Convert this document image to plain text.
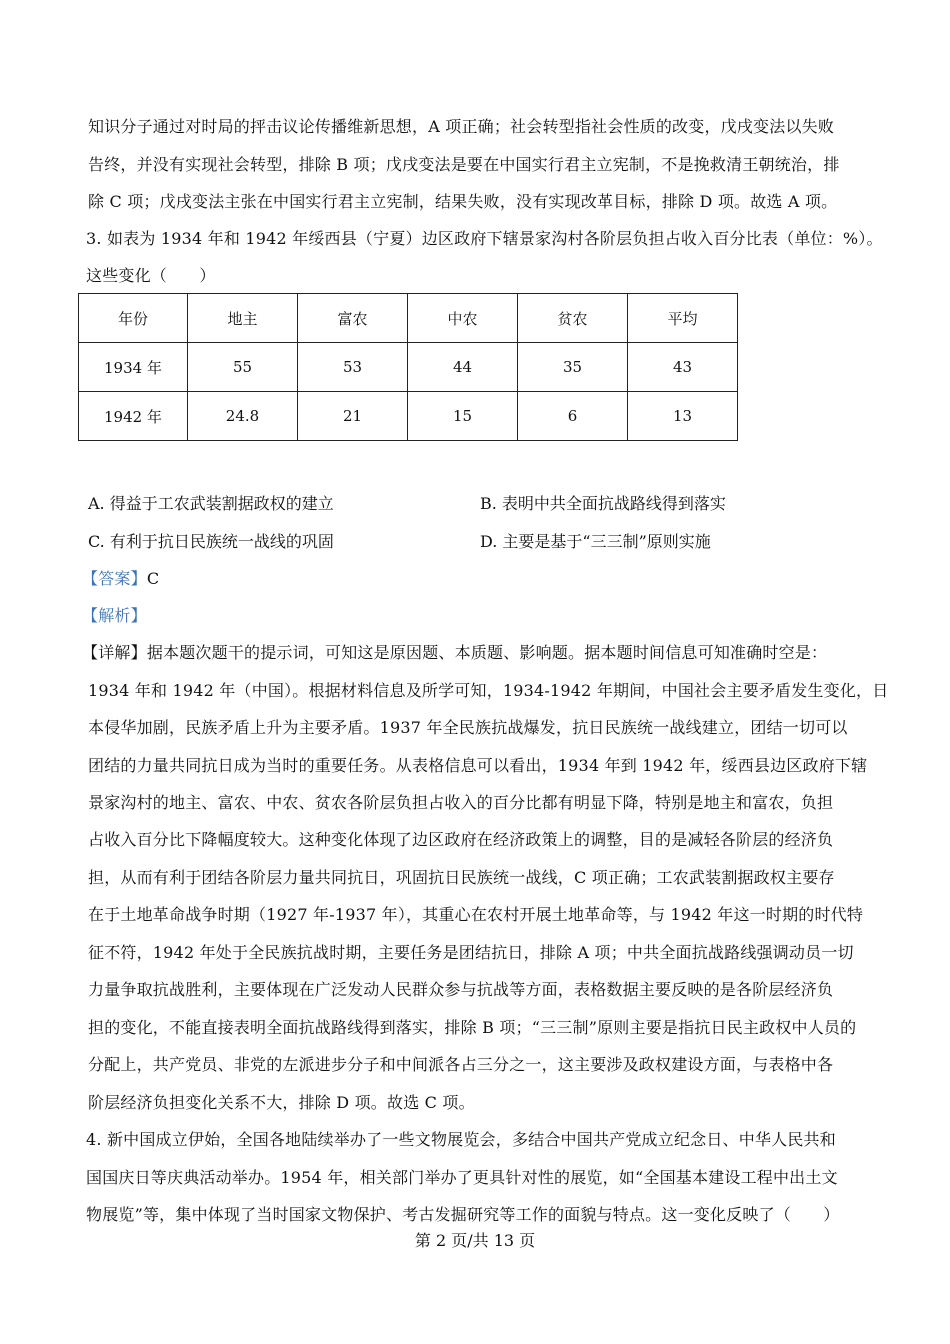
知识分子通过对时局的抨击议论传播维新思想，A 项正确；社会转型指社会性质的改变，戊戌变法以失败
告终，并没有实现社会转型，排除 B 项；戊戌变法是要在中国实行君主立宪制，不是挽救清王朝统治，排
除 C 项；戊戌变法主张在中国实行君主立宪制，结果失败，没有实现改革目标，排除 D 项。故选 A 项。
3. 如表为 1934 年和 1942 年绥西县（宁夏）边区政府下辖景家沟村各阶层负担占收入百分比表（单位：%）。
这些变化（　　）
年份	地主	富农	中农	贫农	平均
1934 年	55	53	44	35	43
1942 年	24.8	21	15	6	13
A. 得益于工农武装割据政权的建立	B. 表明中共全面抗战路线得到落实
C. 有利于抗日民族统一战线的巩固	D. 主要是基于“三三制”原则实施
【答案】C
【解析】
【详解】据本题次题干的提示词，可知这是原因题、本质题、影响题。据本题时间信息可知准确时空是：
1934 年和 1942 年（中国）。根据材料信息及所学可知，1934-1942 年期间，中国社会主要矛盾发生变化，日
本侵华加剧，民族矛盾上升为主要矛盾。1937 年全民族抗战爆发，抗日民族统一战线建立，团结一切可以
团结的力量共同抗日成为当时的重要任务。从表格信息可以看出，1934 年到 1942 年，绥西县边区政府下辖
景家沟村的地主、富农、中农、贫农各阶层负担占收入的百分比都有明显下降，特别是地主和富农，负担
占收入百分比下降幅度较大。这种变化体现了边区政府在经济政策上的调整，目的是减轻各阶层的经济负
担，从而有利于团结各阶层力量共同抗日，巩固抗日民族统一战线，C 项正确；工农武装割据政权主要存
在于土地革命战争时期（1927 年-1937 年），其重心在农村开展土地革命等，与 1942 年这一时期的时代特
征不符，1942 年处于全民族抗战时期，主要任务是团结抗日，排除 A 项；中共全面抗战路线强调动员一切
力量争取抗战胜利，主要体现在广泛发动人民群众参与抗战等方面，表格数据主要反映的是各阶层经济负
担的变化，不能直接表明全面抗战路线得到落实，排除 B 项；“三三制”原则主要是指抗日民主政权中人员的
分配上，共产党员、非党的左派进步分子和中间派各占三分之一，这主要涉及政权建设方面，与表格中各
阶层经济负担变化关系不大，排除 D 项。故选 C 项。
4. 新中国成立伊始，全国各地陆续举办了一些文物展览会，多结合中国共产党成立纪念日、中华人民共和
国国庆日等庆典活动举办。1954 年，相关部门举办了更具针对性的展览，如“全国基本建设工程中出土文
物展览”等，集中体现了当时国家文物保护、考古发掘研究等工作的面貌与特点。这一变化反映了（　　）
第 2 页/共 13 页
